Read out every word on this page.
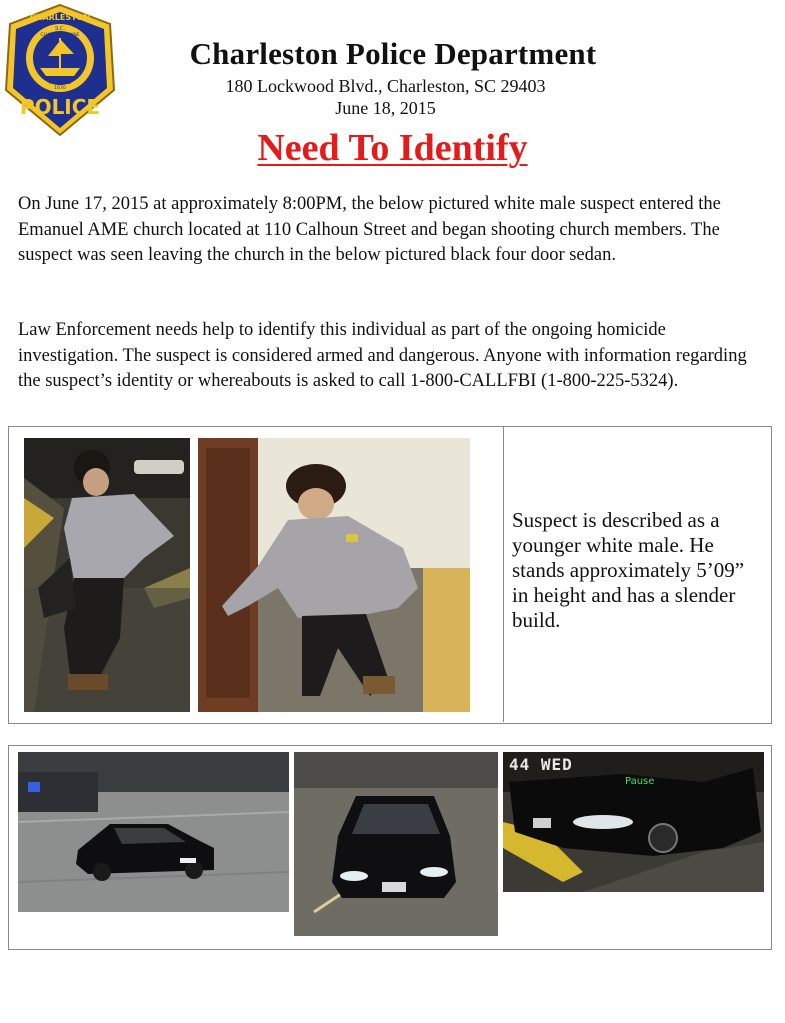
CHARLESTON
S.C.
CHARLES TOWNE
FOUNDED
1670
POLICE
Charleston Police Department
180 Lockwood Blvd., Charleston, SC 29403
June 18, 2015
Need To Identify
On June 17, 2015 at approximately 8:00PM, the below pictured white male suspect entered the Emanuel AME church located at 110 Calhoun Street and began shooting church members. The suspect was seen leaving the church in the below pictured black four door sedan.
Law Enforcement needs help to identify this individual as part of the ongoing homicide investigation. The suspect is considered armed and dangerous. Anyone with information regarding the suspect’s identity or whereabouts is asked to call 1-800-CALLFBI (1-800-225-5324).
Suspect is described as a younger white male. He stands approximately 5’09” in height and has a slender build.
44 WED
Pause
